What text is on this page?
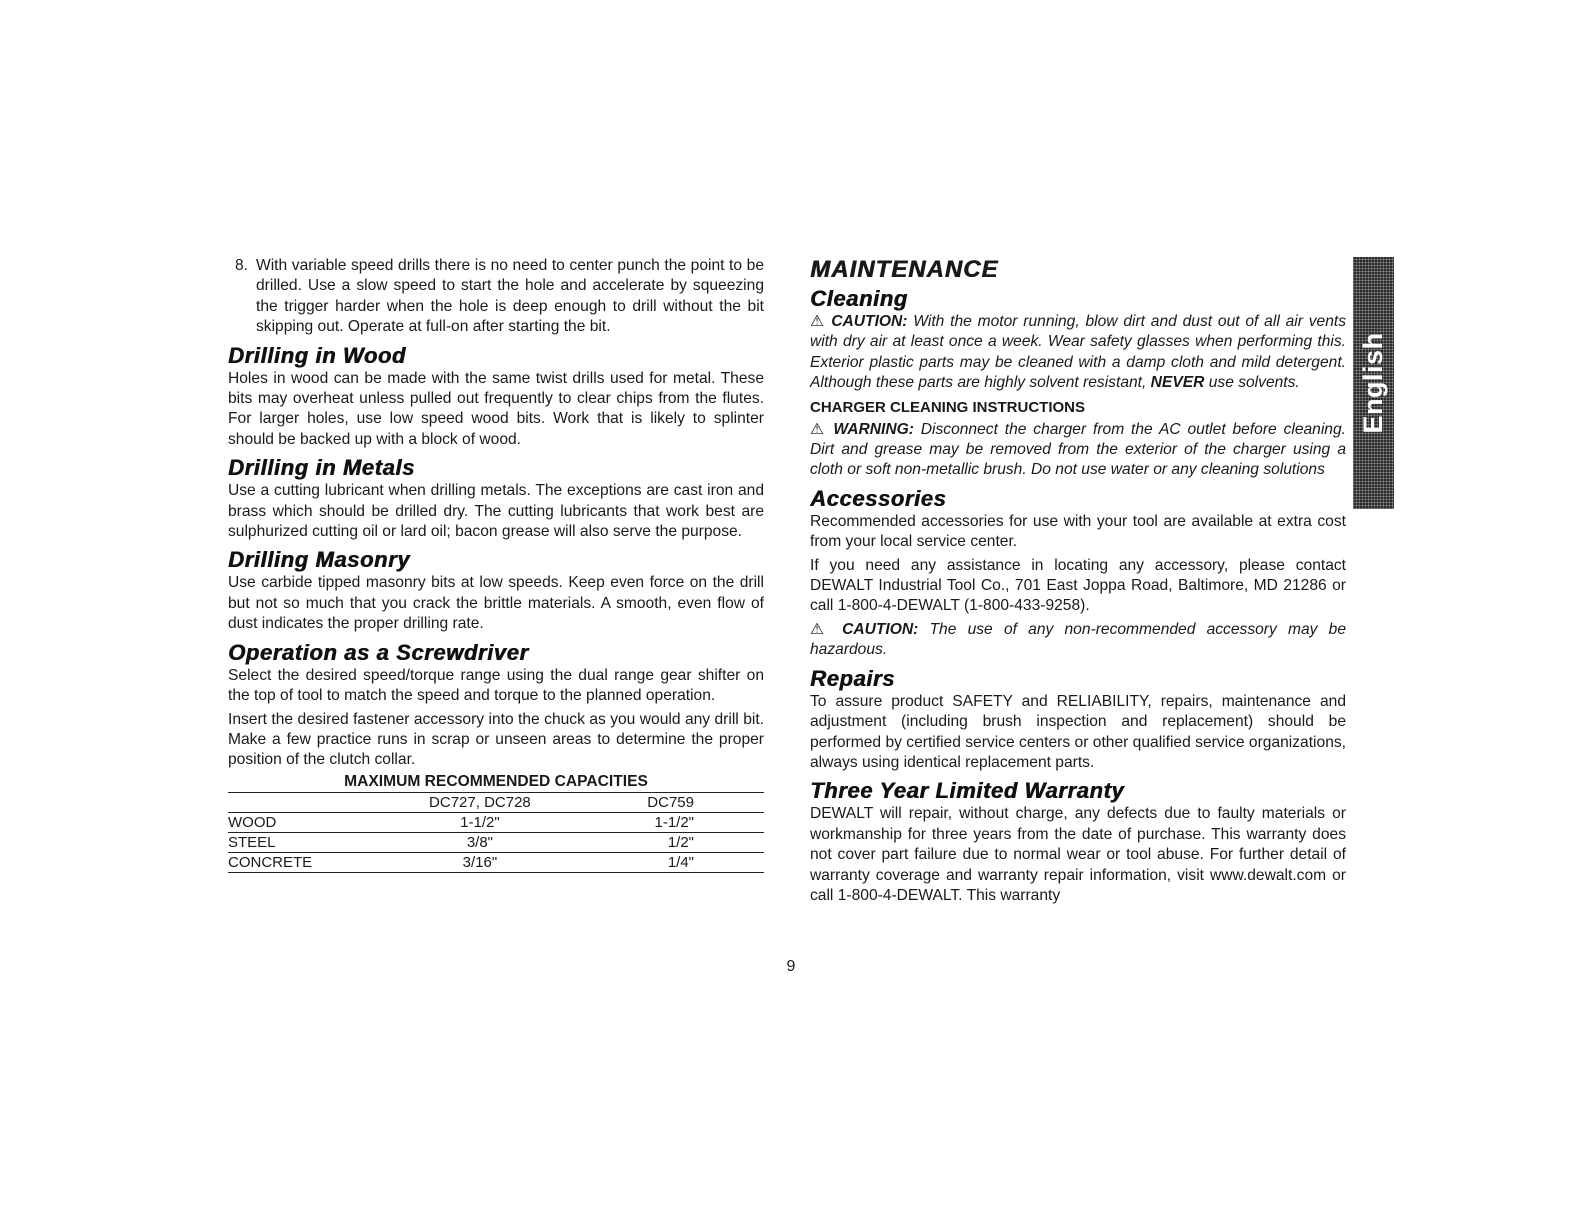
8. With variable speed drills there is no need to center punch the point to be drilled. Use a slow speed to start the hole and accelerate by squeezing the trigger harder when the hole is deep enough to drill without the bit skipping out. Operate at full-on after starting the bit.
Drilling in Wood

Holes in wood can be made with the same twist drills used for metal. These bits may overheat unless pulled out frequently to clear chips from the flutes. For larger holes, use low speed wood bits. Work that is likely to splinter should be backed up with a block of wood.

Drilling in Metals

Use a cutting lubricant when drilling metals. The exceptions are cast iron and brass which should be drilled dry. The cutting lubricants that work best are sulphurized cutting oil or lard oil; bacon grease will also serve the purpose.

Drilling Masonry

Use carbide tipped masonry bits at low speeds. Keep even force on the drill but not so much that you crack the brittle materials. A smooth, even flow of dust indicates the proper drilling rate.

Operation as a Screwdriver

Select the desired speed/torque range using the dual range gear shifter on the top of tool to match the speed and torque to the planned operation.

Insert the desired fastener accessory into the chuck as you would any drill bit. Make a few practice runs in scrap or unseen areas to determine the proper position of the clutch collar.

MAXIMUM RECOMMENDED CAPACITIES
	DC727, DC728	DC759
WOOD	1-1/2"	1-1/2"
STEEL	3/8"	1/2"
CONCRETE	3/16"	1/4"
MAINTENANCE
Cleaning

⚠ CAUTION: With the motor running, blow dirt and dust out of all air vents with dry air at least once a week. Wear safety glasses when performing this. Exterior plastic parts may be cleaned with a damp cloth and mild detergent. Although these parts are highly solvent resistant, NEVER use solvents.

CHARGER CLEANING INSTRUCTIONS

⚠ WARNING: Disconnect the charger from the AC outlet before cleaning. Dirt and grease may be removed from the exterior of the charger using a cloth or soft non-metallic brush. Do not use water or any cleaning solutions

Accessories

Recommended accessories for use with your tool are available at extra cost from your local service center.

If you need any assistance in locating any accessory, please contact DEWALT Industrial Tool Co., 701 East Joppa Road, Baltimore, MD 21286 or call 1-800-4-DEWALT (1-800-433-9258).

⚠ CAUTION: The use of any non-recommended accessory may be hazardous.

Repairs

To assure product SAFETY and RELIABILITY, repairs, maintenance and adjustment (including brush inspection and replacement) should be performed by certified service centers or other qualified service organizations, always using identical replacement parts.

Three Year Limited Warranty

DEWALT will repair, without charge, any defects due to faulty materials or workmanship for three years from the date of purchase. This warranty does not cover part failure due to normal wear or tool abuse. For further detail of warranty coverage and warranty repair information, visit www.dewalt.com or call 1-800-4-DEWALT. This warranty

English
9
